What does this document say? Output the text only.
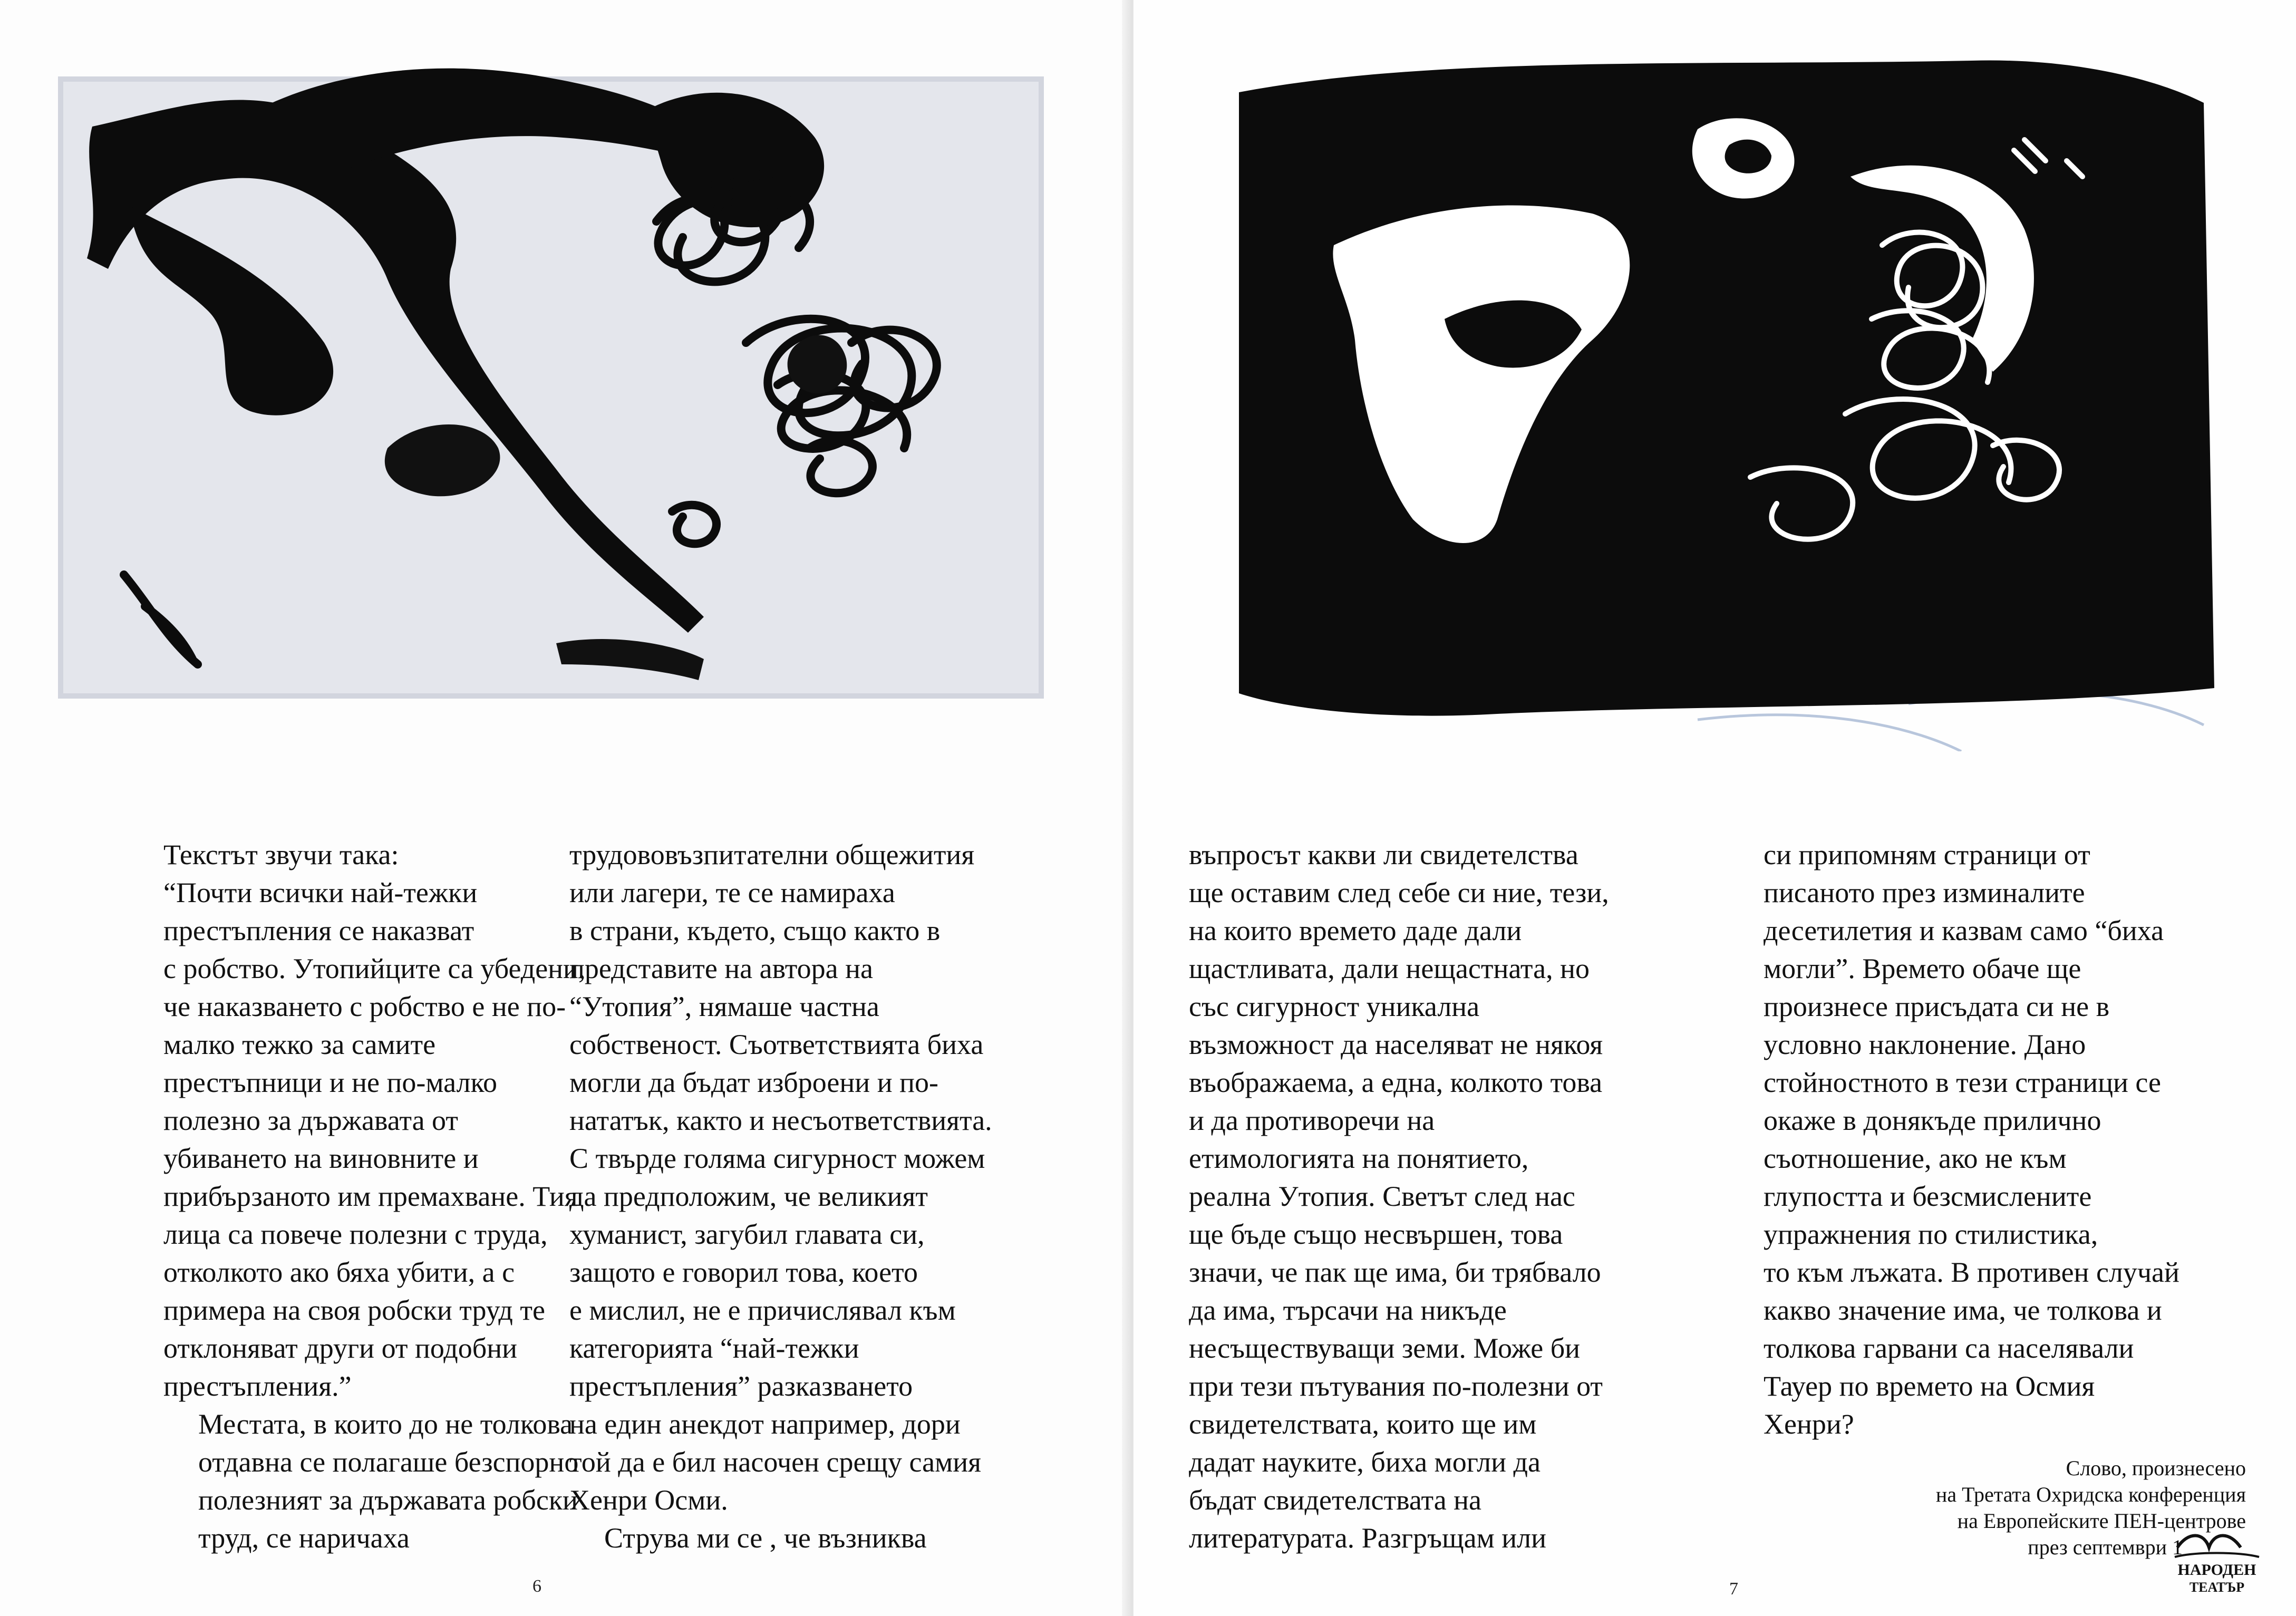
Текстът звучи така:
“Почти всички най-тежки
престъпления се наказват
с робство. Утопийците са убедени,
че наказването с робство е не по-
малко тежко за самите
престъпници и не по-малко
полезно за държавата от
убиването на виновните и
прибързаното им премахване. Тия
лица са повече полезни с труда,
отколкото ако бяха убити, а с
примера на своя робски труд те
отклоняват други от подобни
престъпления.”

Местата, в които до не толкова
отдавна се полагаше безспорно
полезният за държавата робски
труд, се наричаха

трудововъзпитателни общежития
или лагери, те се намираха
в страни, където, също както в
представите на автора на
“Утопия”, нямаше частна
собственост. Съответствията биха
могли да бъдат изброени и по-
нататък, както и несъответствията.
С твърде голяма сигурност можем
да предположим, че великият
хуманист, загубил главата си,
защото е говорил това, което
е мислил, не е причислявал към
категорията “най-тежки
престъпления” разказването
на един анекдот например, дори
той да е бил насочен срещу самия
Хенри Осми.

Струва ми се , че възниква

6

въпросът какви ли свидетелства
ще оставим след себе си ние, тези,
на които времето даде дали
щастливата, дали нещастната, но
със сигурност уникална
възможност да населяват не някоя
въображаема, а една, колкото това
и да противоречи на
етимологията на понятието,
реална Утопия. Светът след нас
ще бъде също несвършен, това
значи, че пак ще има, би трябвало
да има, търсачи на никъде
несъществуващи земи. Може би
при тези пътувания по-полезни от
свидетелствата, които ще им
дадат науките, биха могли да
бъдат свидетелствата на
литературата. Разгръщам или

си припомням страници от
писаното през изминалите
десетилетия и казвам само “биха
могли”. Времето обаче ще
произнесе присъдата си не в
условно наклонение. Дано
стойностното в тези страници се
окаже в донякъде прилично
съотношение, ако не към
глупостта и безсмислените
упражнения по стилистика,
то към лъжата. В противен случай
какво значение има, че толкова и
толкова гарвани са населявали
Тауер по времето на Осмия
Хенри?

Слово, произнесено
на Третата Охридска конференция
на Европейските ПЕН-центрове
през септември 1
7
НАРОДЕН
ТЕАТЪР
